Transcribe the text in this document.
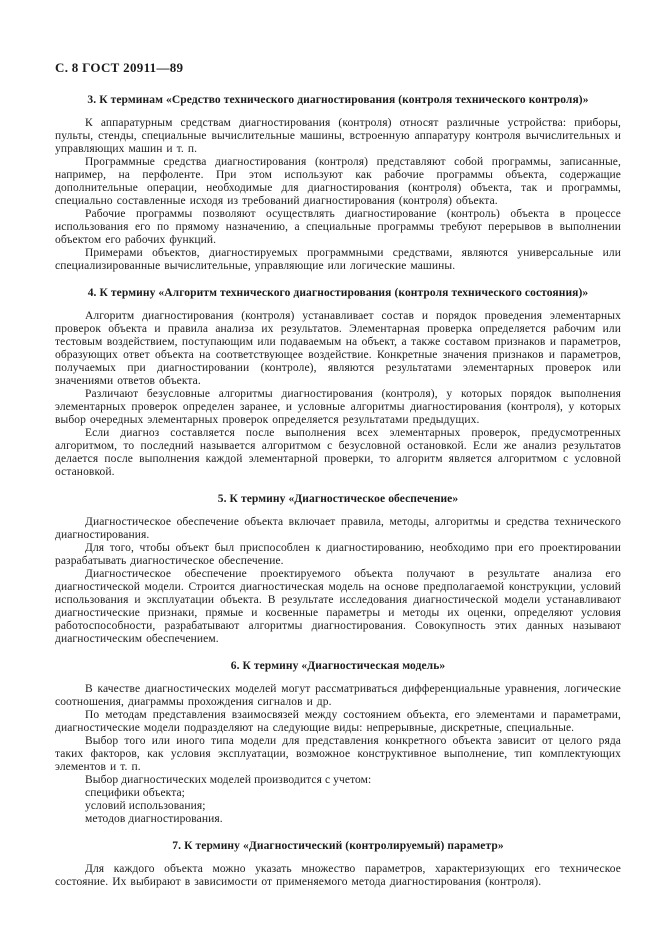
С. 8 ГОСТ 20911—89
3. К терминам «Средство технического диагностирования (контроля технического контроля)»

К аппаратурным средствам диагностирования (контроля) относят различные устройства: приборы, пульты, стенды, специальные вычислительные машины, встроенную аппаратуру контроля вычислительных и управляющих машин и т. п.

Программные средства диагностирования (контроля) представляют собой программы, записанные, например, на перфоленте. При этом используют как рабочие программы объекта, содержащие дополнительные операции, необходимые для диагностирования (контроля) объекта, так и программы, специально составленные исходя из требований диагностирования (контроля) объекта.

Рабочие программы позволяют осуществлять диагностирование (контроль) объекта в процессе использования его по прямому назначению, а специальные программы требуют перерывов в выполнении объектом его рабочих функций.

Примерами объектов, диагностируемых программными средствами, являются универсальные или специализированные вычислительные, управляющие или логические машины.

4. К термину «Алгоритм технического диагностирования (контроля технического состояния)»

Алгоритм диагностирования (контроля) устанавливает состав и порядок проведения элементарных проверок объекта и правила анализа их результатов. Элементарная проверка определяется рабочим или тестовым воздействием, поступающим или подаваемым на объект, а также составом признаков и параметров, образующих ответ объекта на соответствующее воздействие. Конкретные значения признаков и параметров, получаемых при диагностировании (контроле), являются результатами элементарных проверок или значениями ответов объекта.

Различают безусловные алгоритмы диагностирования (контроля), у которых порядок выполнения элементарных проверок определен заранее, и условные алгоритмы диагностирования (контроля), у которых выбор очередных элементарных проверок определяется результатами предыдущих.

Если диагноз составляется после выполнения всех элементарных проверок, предусмотренных алгоритмом, то последний называется алгоритмом с безусловной остановкой. Если же анализ результатов делается после выполнения каждой элементарной проверки, то алгоритм является алгоритмом с условной остановкой.

5. К термину «Диагностическое обеспечение»

Диагностическое обеспечение объекта включает правила, методы, алгоритмы и средства технического диагностирования.

Для того, чтобы объект был приспособлен к диагностированию, необходимо при его проектировании разрабатывать диагностическое обеспечение.

Диагностическое обеспечение проектируемого объекта получают в результате анализа его диагностической модели. Строится диагностическая модель на основе предполагаемой конструкции, условий использования и эксплуатации объекта. В результате исследования диагностической модели устанавливают диагностические признаки, прямые и косвенные параметры и методы их оценки, определяют условия работоспособности, разрабатывают алгоритмы диагностирования. Совокупность этих данных называют диагностическим обеспечением.

6. К термину «Диагностическая модель»

В качестве диагностических моделей могут рассматриваться дифференциальные уравнения, логические соотношения, диаграммы прохождения сигналов и др.

По методам представления взаимосвязей между состоянием объекта, его элементами и параметрами, диагностические модели подразделяют на следующие виды: непрерывные, дискретные, специальные.

Выбор того или иного типа модели для представления конкретного объекта зависит от целого ряда таких факторов, как условия эксплуатации, возможное конструктивное выполнение, тип комплектующих элементов и т. п.

Выбор диагностических моделей производится с учетом:

специфики объекта;

условий использования;

методов диагностирования.

7. К термину «Диагностический (контролируемый) параметр»

Для каждого объекта можно указать множество параметров, характеризующих его техническое состояние. Их выбирают в зависимости от применяемого метода диагностирования (контроля).
